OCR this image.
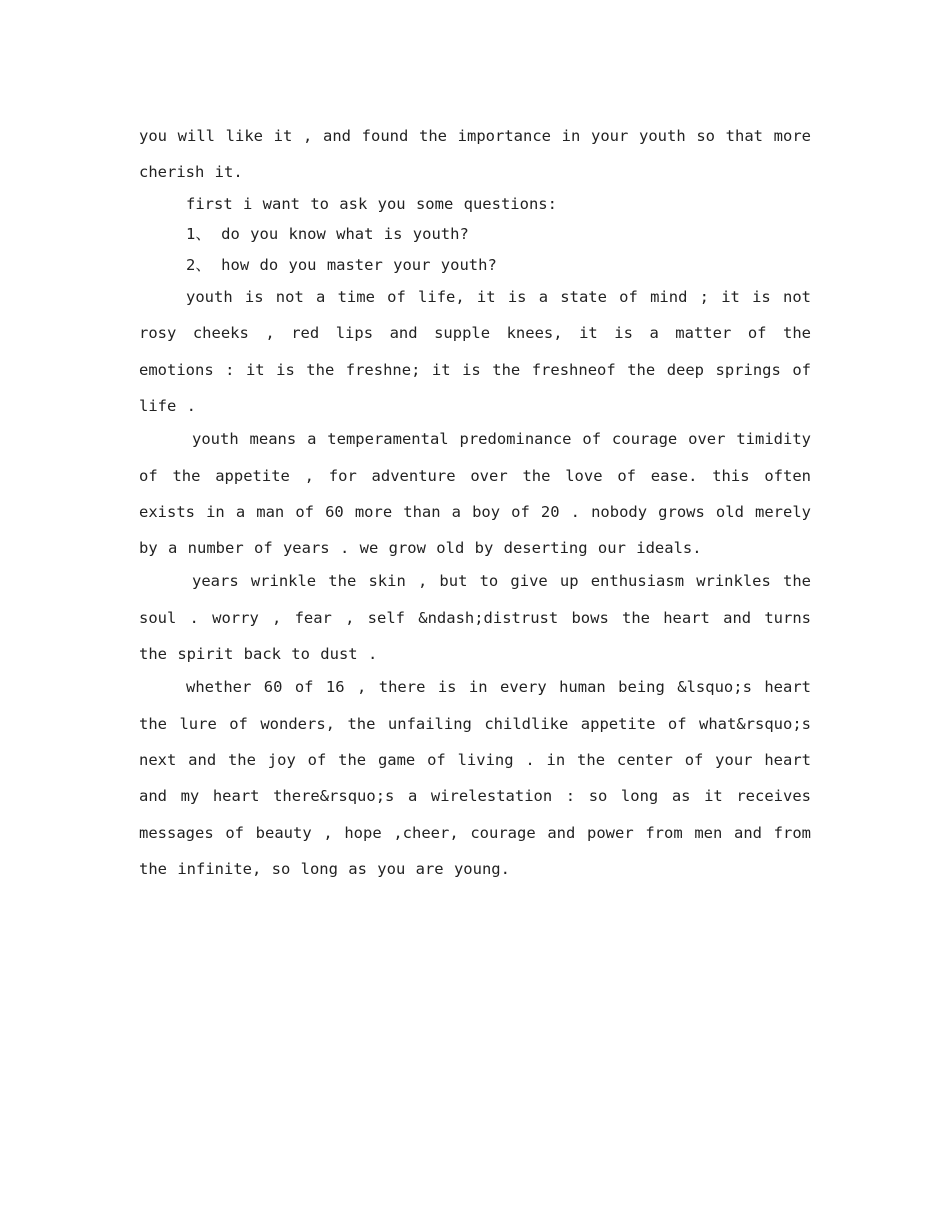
you will like it , and found the importance in your youth so that more cherish it.

first i want to ask you some questions:

1、 do you know what is youth?

2、 how do you master your youth?

youth is not a time of life, it is a state of mind ; it is not rosy cheeks , red lips and supple knees, it is a matter of the emotions : it is the freshne; it is the freshneof the deep springs of life .

youth means a temperamental predominance of courage over timidity of the appetite , for adventure over the love of ease. this often exists in a man of 60 more than a boy of 20 . nobody grows old merely by a number of years . we grow old by deserting our ideals.

years wrinkle the skin , but to give up enthusiasm wrinkles the soul . worry , fear , self &ndash;distrust bows the heart and turns the spirit back to dust .

whether 60 of 16 , there is in every human being &lsquo;s heart the lure of wonders, the unfailing childlike appetite of what&rsquo;s next and the joy of the game of living . in the center of your heart and my heart there&rsquo;s a wirelestation : so long as it receives messages of beauty , hope ,cheer, courage and power from men and from the infinite, so long as you are young.
